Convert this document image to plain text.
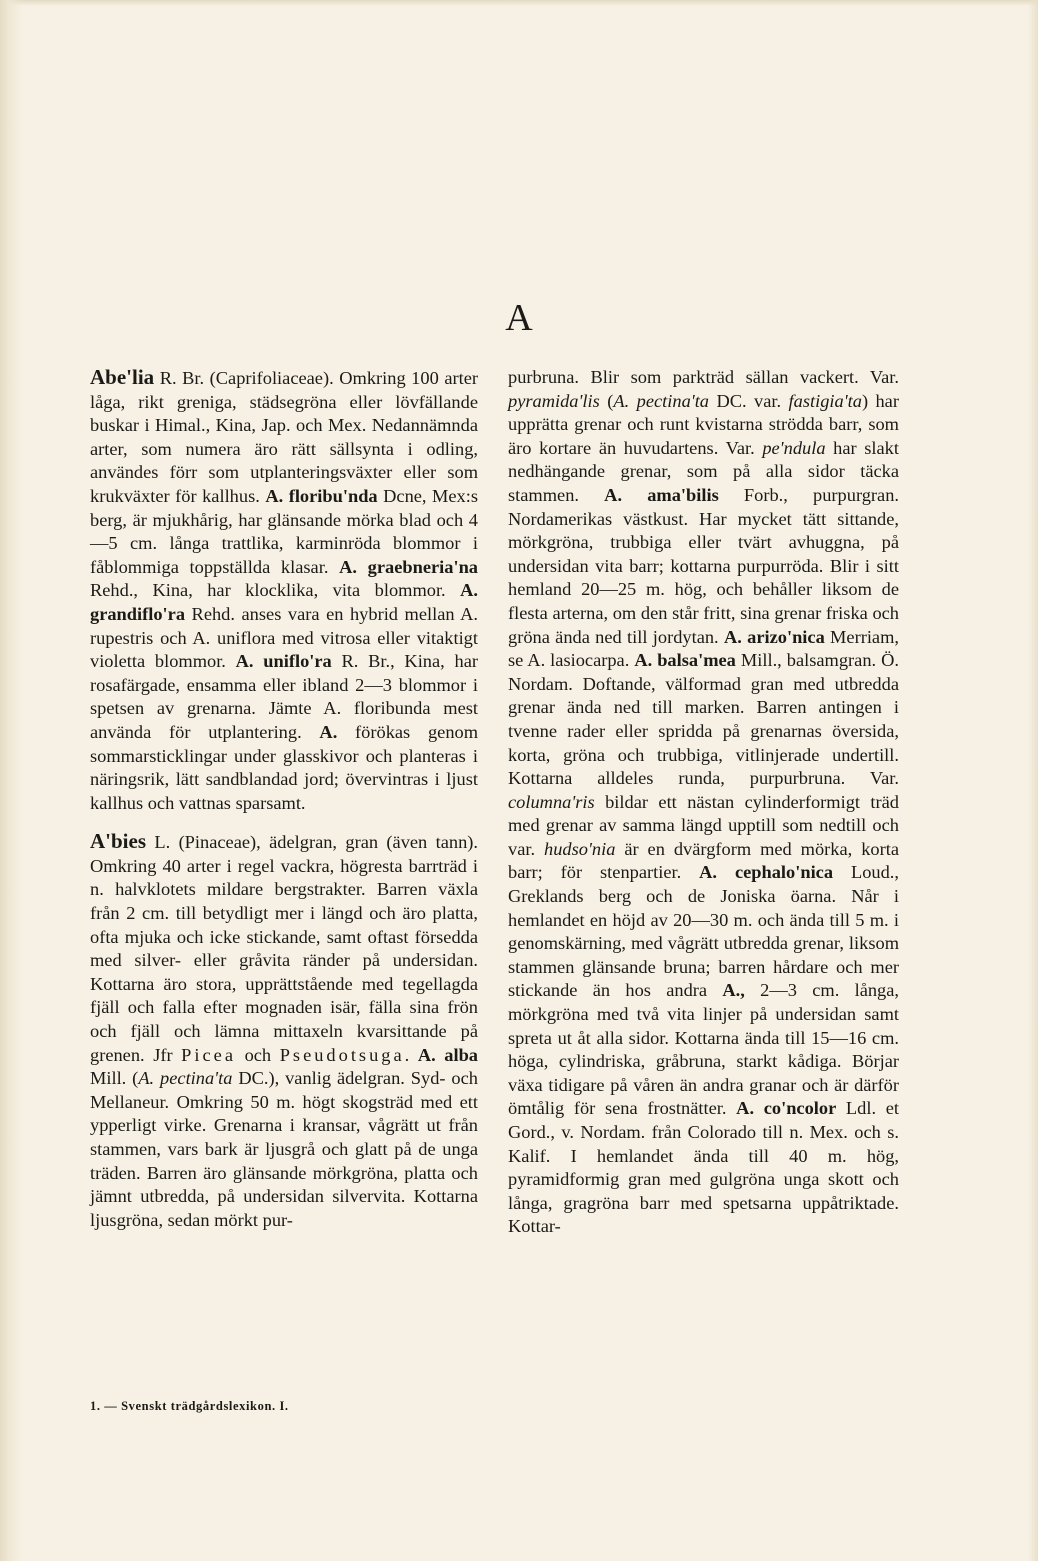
A

Abe'lia R. Br. (Caprifoliaceae). Omkring 100 arter låga, rikt greniga, städsegröna eller lövfällande buskar i Himal., Kina, Jap. och Mex. Nedannämnda arter, som numera äro rätt sällsynta i odling, användes förr som utplanteringsväxter eller som krukväxter för kallhus. A. floribu'nda Dcne, Mex:s berg, är mjukhårig, har glänsande mörka blad och 4—5 cm. långa trattlika, karminröda blommor i fåblommiga toppställda klasar. A. graebneria'na Rehd., Kina, har klocklika, vita blommor. A. grandiflo'ra Rehd. anses vara en hybrid mellan A. rupestris och A. uniflora med vitrosa eller vitaktigt violetta blommor. A. uniflo'ra R. Br., Kina, har rosafärgade, ensamma eller ibland 2—3 blommor i spetsen av grenarna. Jämte A. floribunda mest använda för utplantering. A. förökas genom sommarsticklingar under glasskivor och planteras i näringsrik, lätt sandblandad jord; övervintras i ljust kallhus och vattnas sparsamt.

A'bies L. (Pinaceae), ädelgran, gran (även tann). Omkring 40 arter i regel vackra, högresta barrträd i n. halvklotets mildare bergstrakter. Barren växla från 2 cm. till betydligt mer i längd och äro platta, ofta mjuka och icke stickande, samt oftast försedda med silver- eller gråvita ränder på undersidan. Kottarna äro stora, upprättstående med tegellagda fjäll och falla efter mognaden isär, fälla sina frön och fjäll och lämna mittaxeln kvarsittande på grenen. Jfr Picea och Pseudotsuga. A. alba Mill. (A. pectina'ta DC.), vanlig ädelgran. Syd- och Mellaneur. Omkring 50 m. högt skogsträd med ett ypperligt virke. Grenarna i kransar, vågrätt ut från stammen, vars bark är ljusgrå och glatt på de unga träden. Barren äro glänsande mörkgröna, platta och jämnt utbredda, på undersidan silvervita. Kottarna ljusgröna, sedan mörkt pur-

purbruna. Blir som parkträd sällan vackert. Var. pyramida'lis (A. pectina'ta DC. var. fastigia'ta) har upprätta grenar och runt kvistarna strödda barr, som äro kortare än huvudartens. Var. pe'ndula har slakt nedhängande grenar, som på alla sidor täcka stammen. A. ama'bilis Forb., purpurgran. Nordamerikas västkust. Har mycket tätt sittande, mörkgröna, trubbiga eller tvärt avhuggna, på undersidan vita barr; kottarna purpurröda. Blir i sitt hemland 20—25 m. hög, och behåller liksom de flesta arterna, om den står fritt, sina grenar friska och gröna ända ned till jordytan. A. arizo'nica Merriam, se A. lasiocarpa. A. balsa'mea Mill., balsamgran. Ö. Nordam. Doftande, välformad gran med utbredda grenar ända ned till marken. Barren antingen i tvenne rader eller spridda på grenarnas översida, korta, gröna och trubbiga, vitlinjerade undertill. Kottarna alldeles runda, purpurbruna. Var. columna'ris bildar ett nästan cylinderformigt träd med grenar av samma längd upptill som nedtill och var. hudso'nia är en dvärgform med mörka, korta barr; för stenpartier. A. cephalo'nica Loud., Greklands berg och de Joniska öarna. Når i hemlandet en höjd av 20—30 m. och ända till 5 m. i genomskärning, med vågrätt utbredda grenar, liksom stammen glänsande bruna; barren hårdare och mer stickande än hos andra A., 2—3 cm. långa, mörkgröna med två vita linjer på undersidan samt spreta ut åt alla sidor. Kottarna ända till 15—16 cm. höga, cylindriska, gråbruna, starkt kådiga. Börjar växa tidigare på våren än andra granar och är därför ömtålig för sena frostnätter. A. co'ncolor Ldl. et Gord., v. Nordam. från Colorado till n. Mex. och s. Kalif. I hemlandet ända till 40 m. hög, pyramidformig gran med gulgröna unga skott och långa, gragröna barr med spetsarna uppåtriktade. Kottar-

1. — Svenskt trädgårdslexikon. I.
